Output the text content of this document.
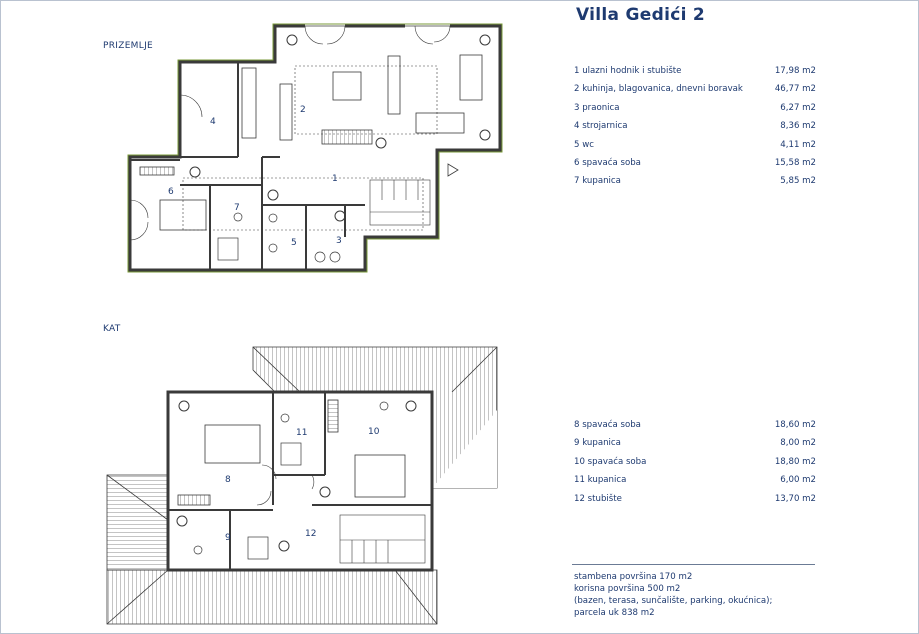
Villa Gedići 2
PRIZEMLJE
KAT
1 ulazni hodnik i stubište	17,98 m2
2 kuhinja, blagovanica, dnevni boravak	46,77 m2
3 praonica	6,27 m2
4 strojarnica	8,36 m2
5 wc	4,11 m2
6 spavaća soba	15,58 m2
7 kupanica	5,85 m2
8 spavaća soba	18,60 m2
9 kupanica	8,00 m2
10 spavaća soba	18,80 m2
11 kupanica	6,00 m2
12 stubište	13,70 m2
stambena površina 170 m2
korisna površina 500 m2
(bazen, terasa, sunčalište, parking, okućnica);
parcela uk 838 m2
1
2
3
4
5
6
7
8
9
10
11
12
